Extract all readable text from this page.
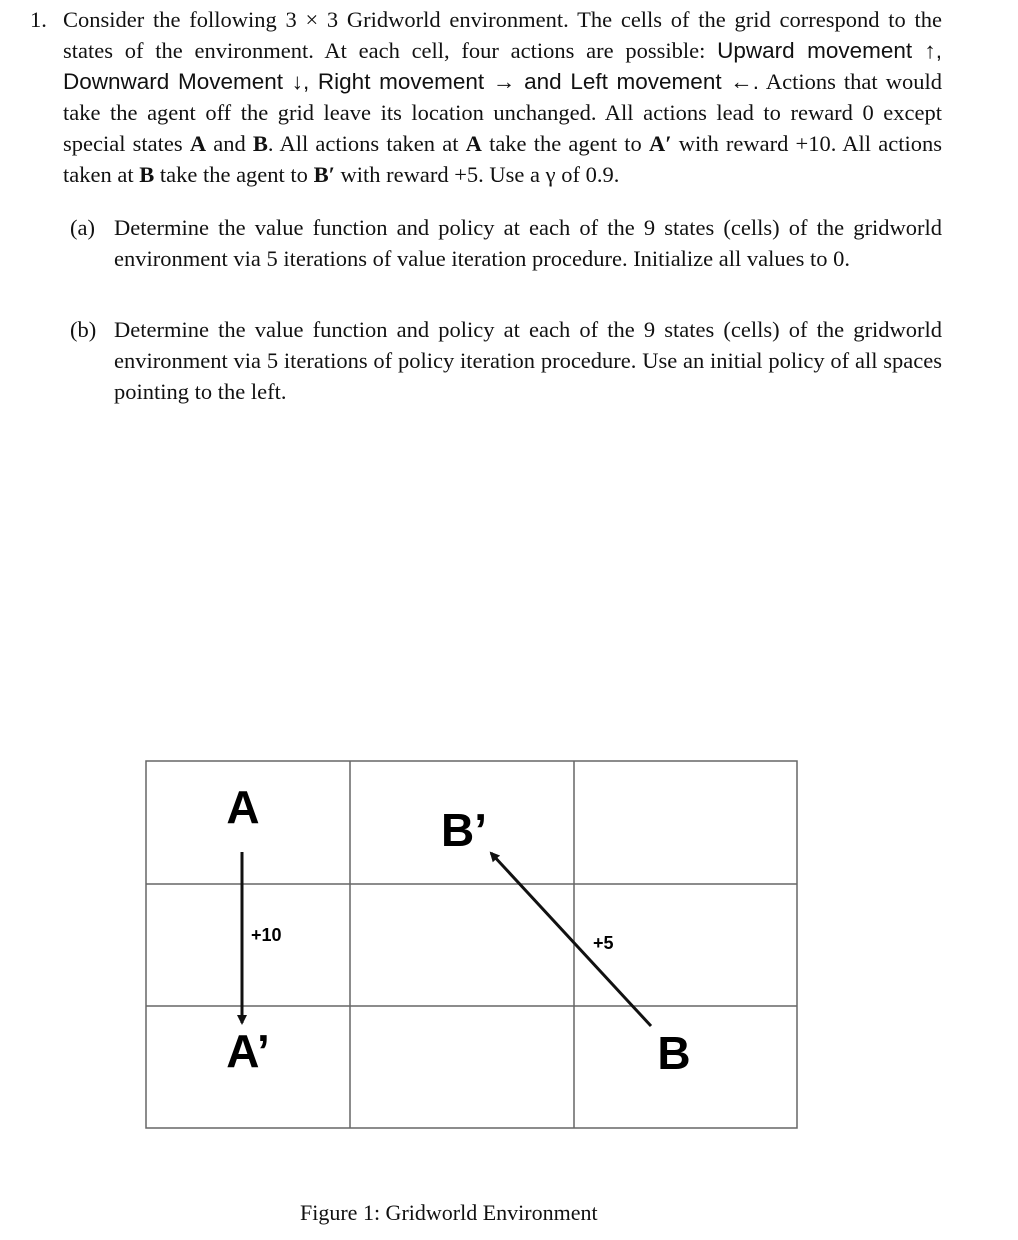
1. Consider the following 3 × 3 Gridworld environment. The cells of the grid correspond to the states of the environment. At each cell, four actions are possible: Upward movement ↑, Downward Movement ↓, Right movement → and Left movement ←. Actions that would take the agent off the grid leave its location unchanged. All actions lead to reward 0 except special states A and B. All actions taken at A take the agent to A′ with reward +10. All actions taken at B take the agent to B′ with reward +5. Use a γ of 0.9.
(a) Determine the value function and policy at each of the 9 states (cells) of the gridworld environment via 5 iterations of value iteration procedure. Initialize all values to 0.
(b) Determine the value function and policy at each of the 9 states (cells) of the gridworld environment via 5 iterations of policy iteration procedure. Use an initial policy of all spaces pointing to the left.
A	B’
+10	+5
A’	B
Figure 1: Gridworld Environment
